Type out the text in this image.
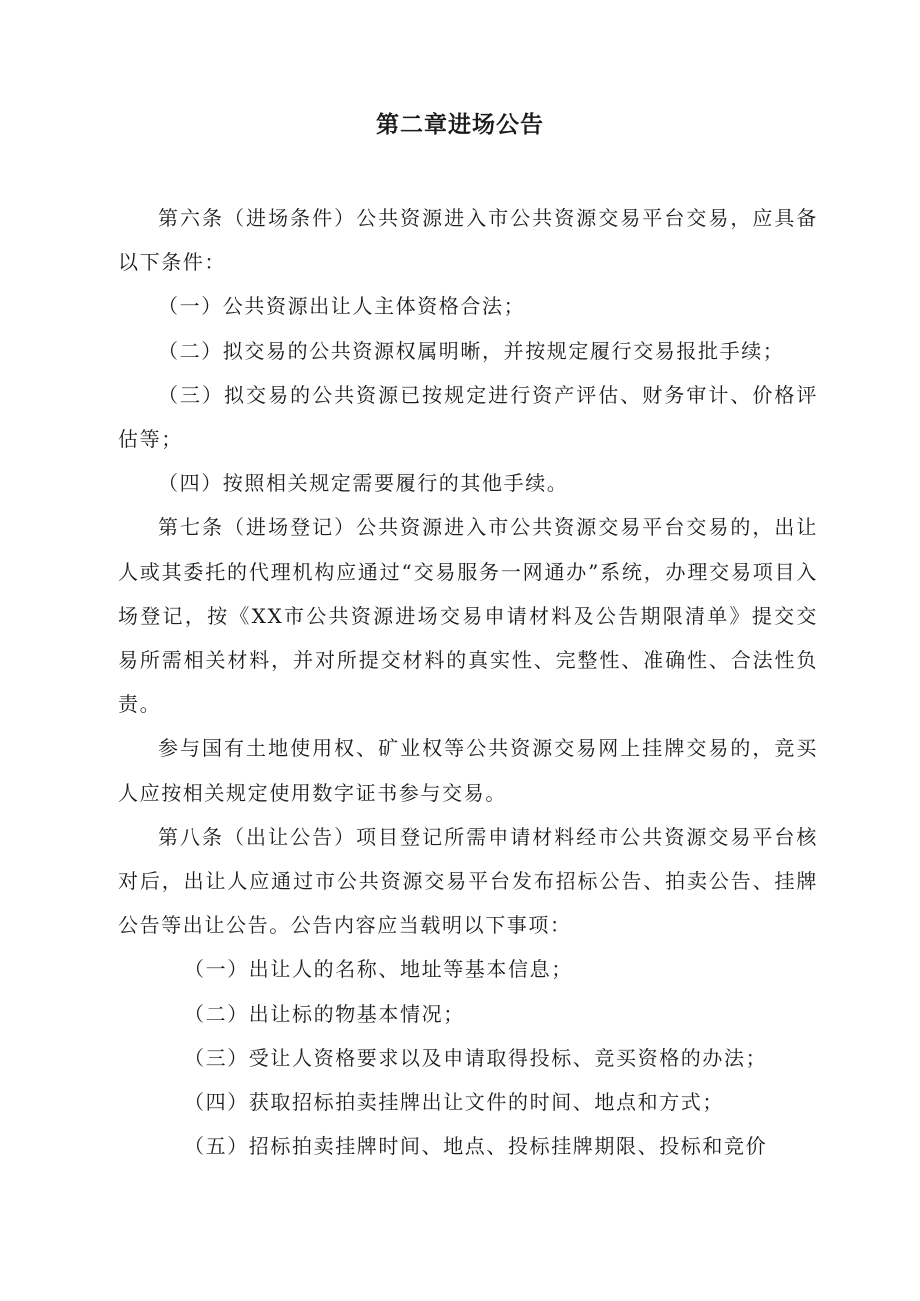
第二章进场公告

第六条（进场条件）公共资源进入市公共资源交易平台交易，应具备以下条件：

（一）公共资源出让人主体资格合法；

（二）拟交易的公共资源权属明晰，并按规定履行交易报批手续；

（三）拟交易的公共资源已按规定进行资产评估、财务审计、价格评估等；

（四）按照相关规定需要履行的其他手续。

第七条（进场登记）公共资源进入市公共资源交易平台交易的，出让人或其委托的代理机构应通过“交易服务一网通办”系统，办理交易项目入场登记，按《XX市公共资源进场交易申请材料及公告期限清单》提交交易所需相关材料，并对所提交材料的真实性、完整性、准确性、合法性负责。

参与国有土地使用权、矿业权等公共资源交易网上挂牌交易的，竞买人应按相关规定使用数字证书参与交易。

第八条（出让公告）项目登记所需申请材料经市公共资源交易平台核对后，出让人应通过市公共资源交易平台发布招标公告、拍卖公告、挂牌公告等出让公告。公告内容应当载明以下事项：

（一）出让人的名称、地址等基本信息；

（二）出让标的物基本情况；

（三）受让人资格要求以及申请取得投标、竞买资格的办法；

（四）获取招标拍卖挂牌出让文件的时间、地点和方式；

（五）招标拍卖挂牌时间、地点、投标挂牌期限、投标和竞价
